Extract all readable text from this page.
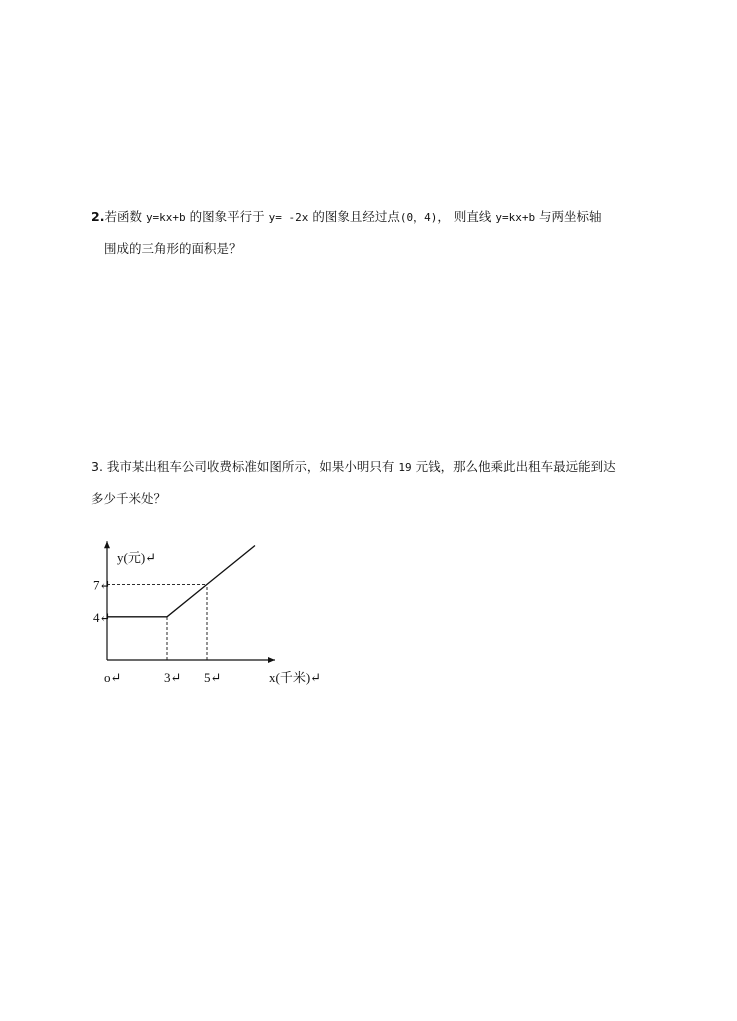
2.若函数 y=kx+b 的图象平行于 y= -2x 的图象且经过点(0，4)， 则直线 y=kx+b 与两坐标轴
围成的三角形的面积是？
3. 我市某出租车公司收费标准如图所示，如果小明只有 19 元钱，那么他乘此出租车最远能到达
多少千米处？
y(元)↵
x(千米)↵
o↵	3↵ 5↵
7↵
4↵
